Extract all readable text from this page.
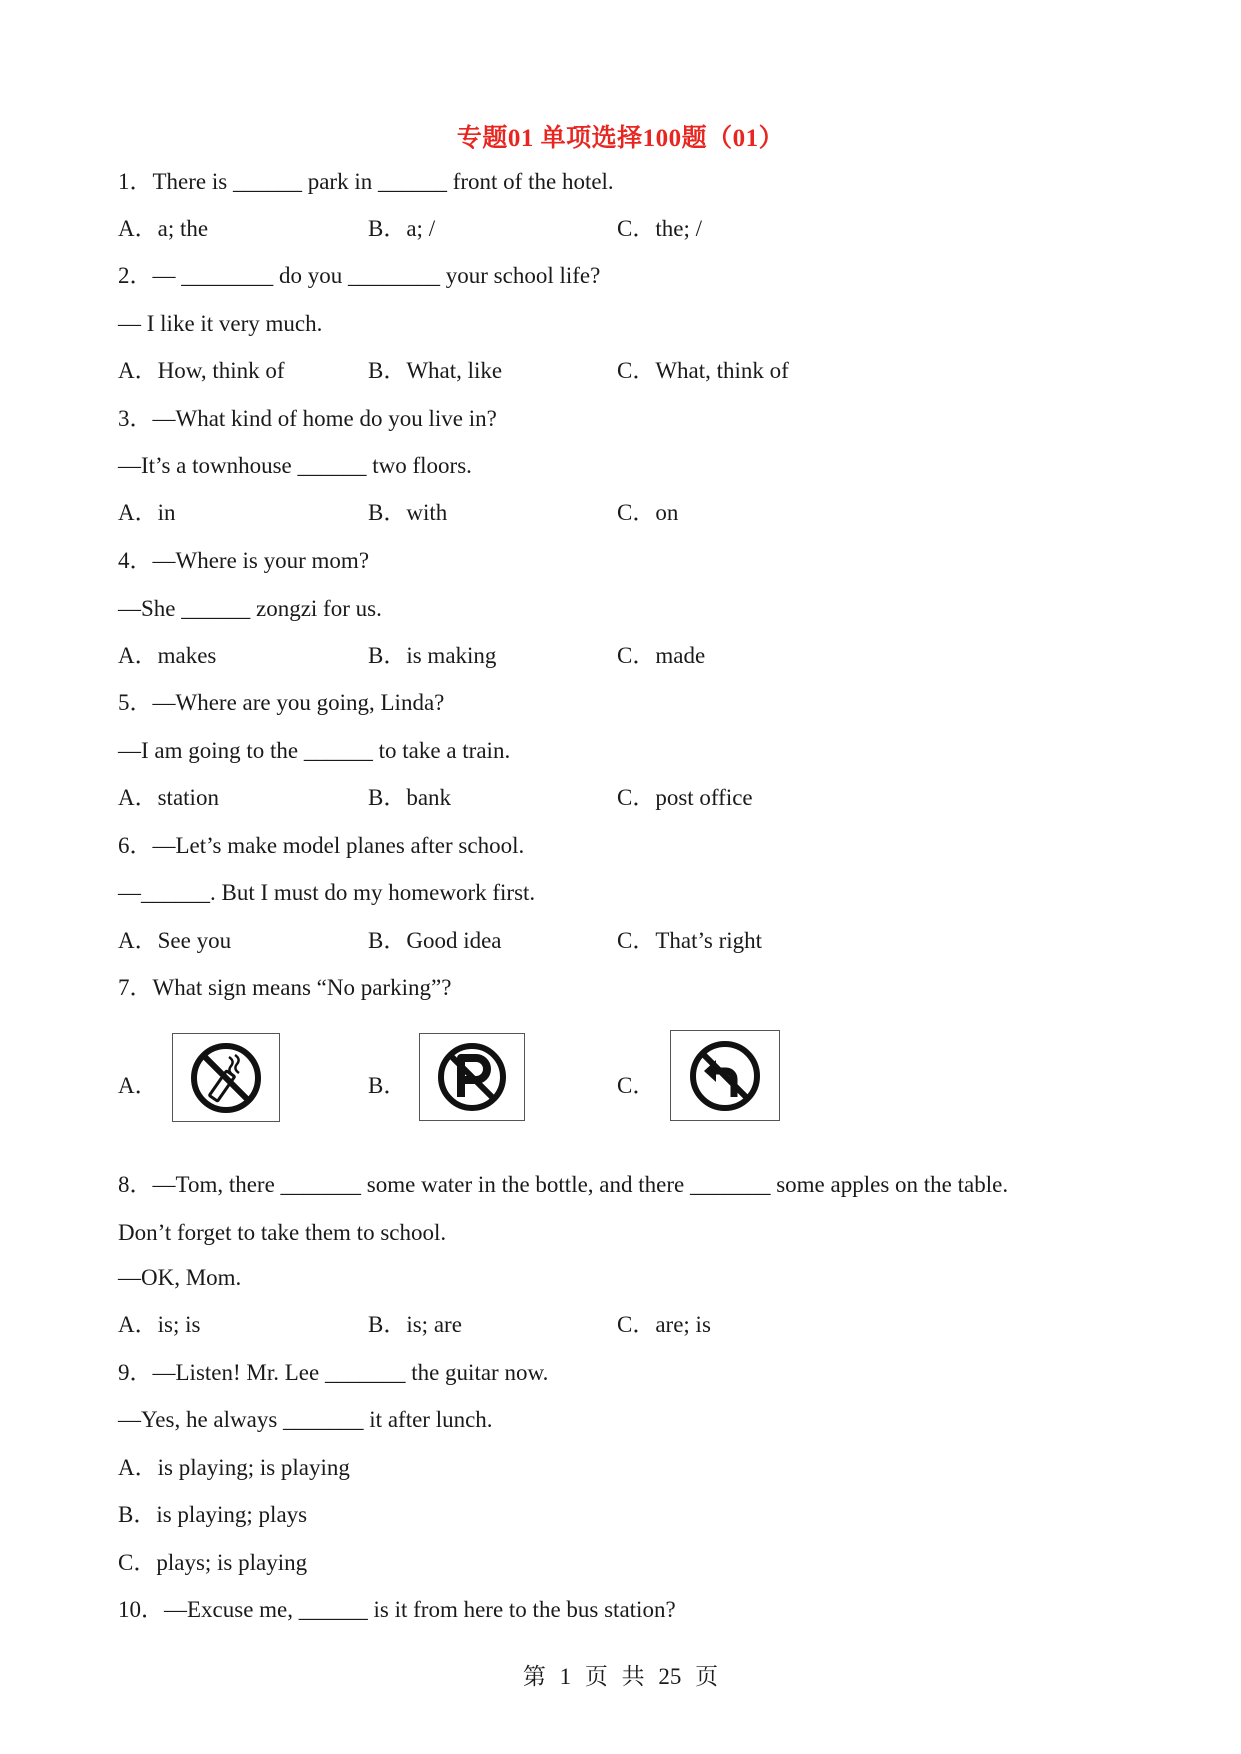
专题01 单项选择100题（01）
1．There is ______ park in ______ front of the hotel.
A．a; the	B．a; /	C．the; /
2．— ________ do you ________ your school life?
— I like it very much.
A．How, think of	B．What, like	C．What, think of
3．—What kind of home do you live in?
—It’s a townhouse ______ two floors.
A．in	B．with	C．on
4．—Where is your mom?
—She ______ zongzi for us.
A．makes	B．is making	C．made
5．—Where are you going, Linda?
—I am going to the ______ to take a train.
A．station	B．bank	C．post office
6．—Let’s make model planes after school.
—______. But I must do my homework first.
A．See you	B．Good idea	C．That’s right
7．What sign means “No parking”?
A．	B．	C．
8．—Tom, there _______ some water in the bottle, and there _______ some apples on the table.
Don’t forget to take them to school.
—OK, Mom.
A．is; is	B．is; are	C．are; is
9．—Listen! Mr. Lee _______ the guitar now.
—Yes, he always _______ it after lunch.
A．is playing; is playing
B．is playing; plays
C．plays; is playing
10．—Excuse me, ______ is it from here to the bus station?
第 1 页 共 25 页
